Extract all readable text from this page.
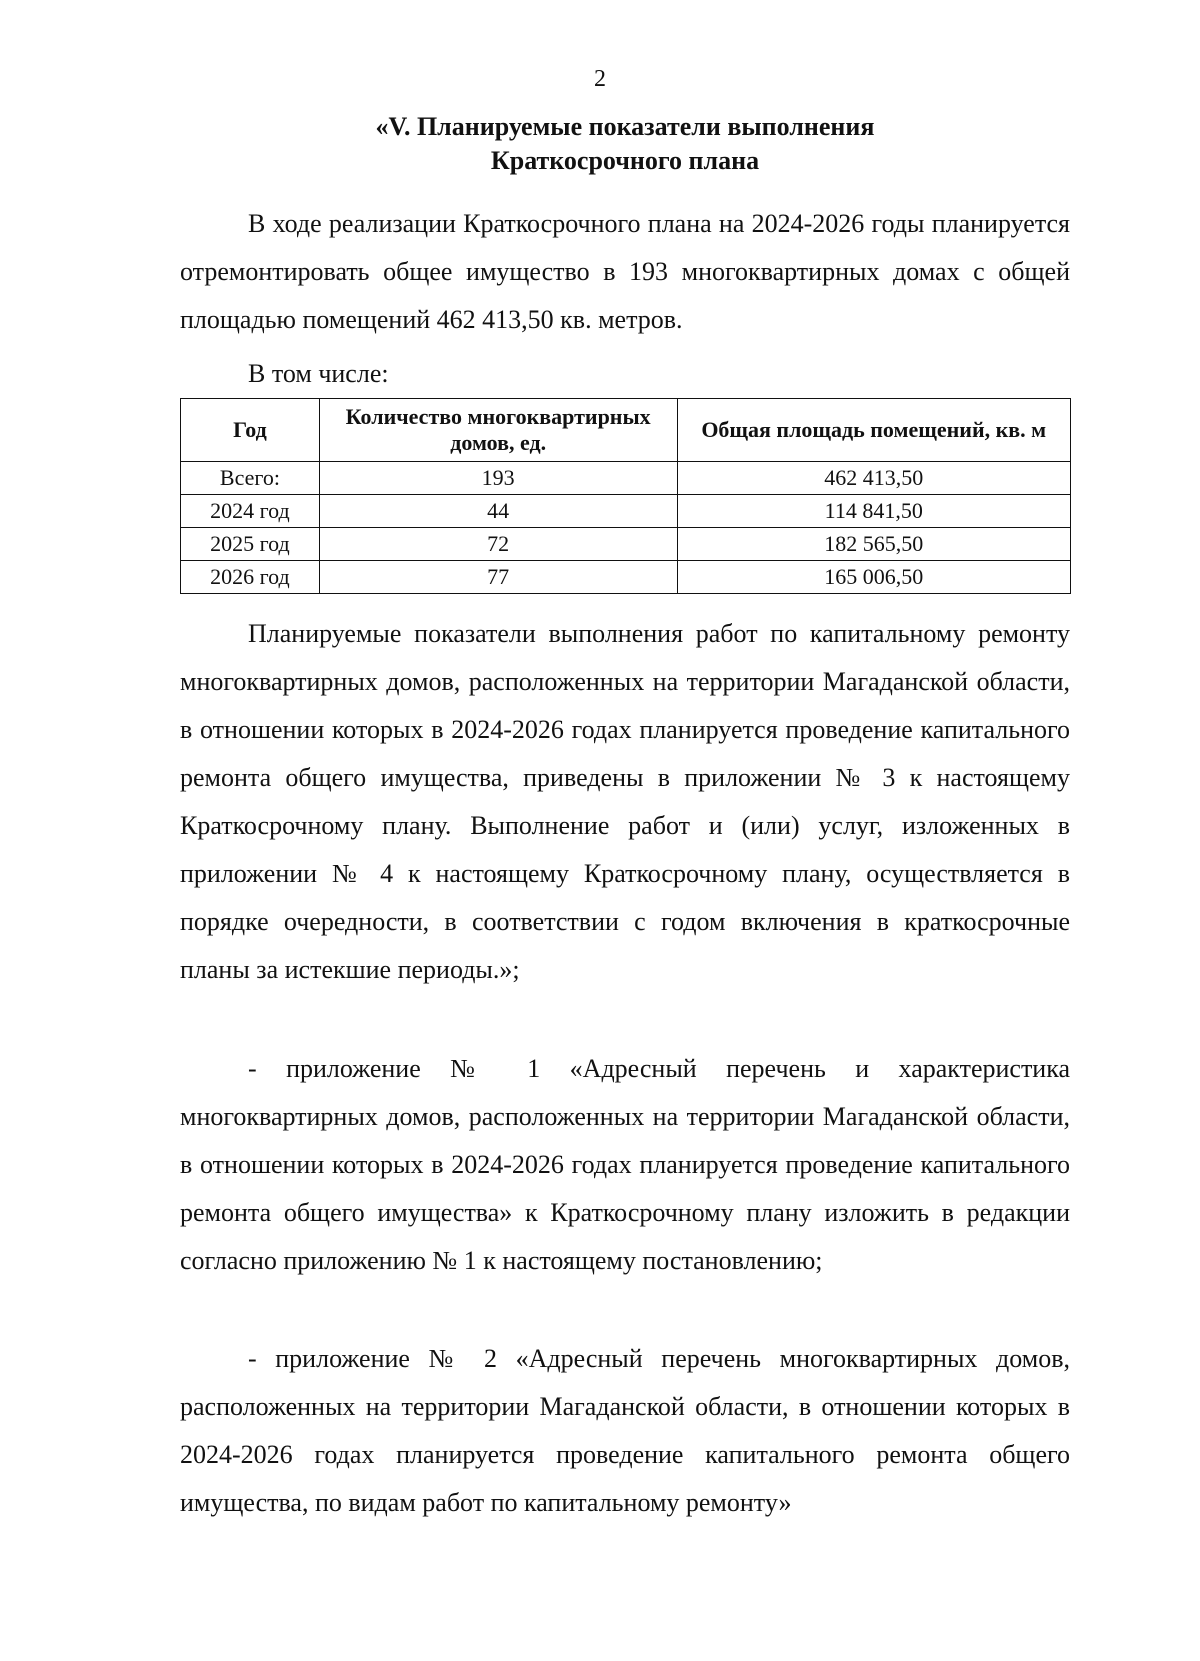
2
«V. Планируемые показатели выполнения
Краткосрочного плана

В ходе реализации Краткосрочного плана на 2024-2026 годы планируется отремонтировать общее имущество в 193 многоквартирных домах с общей площадью помещений 462 413,50 кв. метров.

В том числе:

Год	Количество многоквартирных домов, ед.	Общая площадь помещений, кв. м
Всего:	193	462 413,50
2024 год	44	114 841,50
2025 год	72	182 565,50
2026 год	77	165 006,50

Планируемые показатели выполнения работ по капитальному ремонту многоквартирных домов, расположенных на территории Магаданской области, в отношении которых в 2024-2026 годах планируется проведение капитального ремонта общего имущества, приведены в приложении № 3 к настоящему Краткосрочному плану. Выполнение работ и (или) услуг, изложенных в приложении № 4 к настоящему Краткосрочному плану, осуществляется в порядке очередности, в соответствии с годом включения в краткосрочные планы за истекшие периоды.»;

- приложение № 1 «Адресный перечень и характеристика многоквартирных домов, расположенных на территории Магаданской области, в отношении которых в 2024-2026 годах планируется проведение капитального ремонта общего имущества» к Краткосрочному плану изложить в редакции согласно приложению № 1 к настоящему постановлению;

- приложение № 2 «Адресный перечень многоквартирных домов, расположенных на территории Магаданской области, в отношении которых в 2024-2026 годах планируется проведение капитального ремонта общего имущества, по видам работ по капитальному ремонту»
